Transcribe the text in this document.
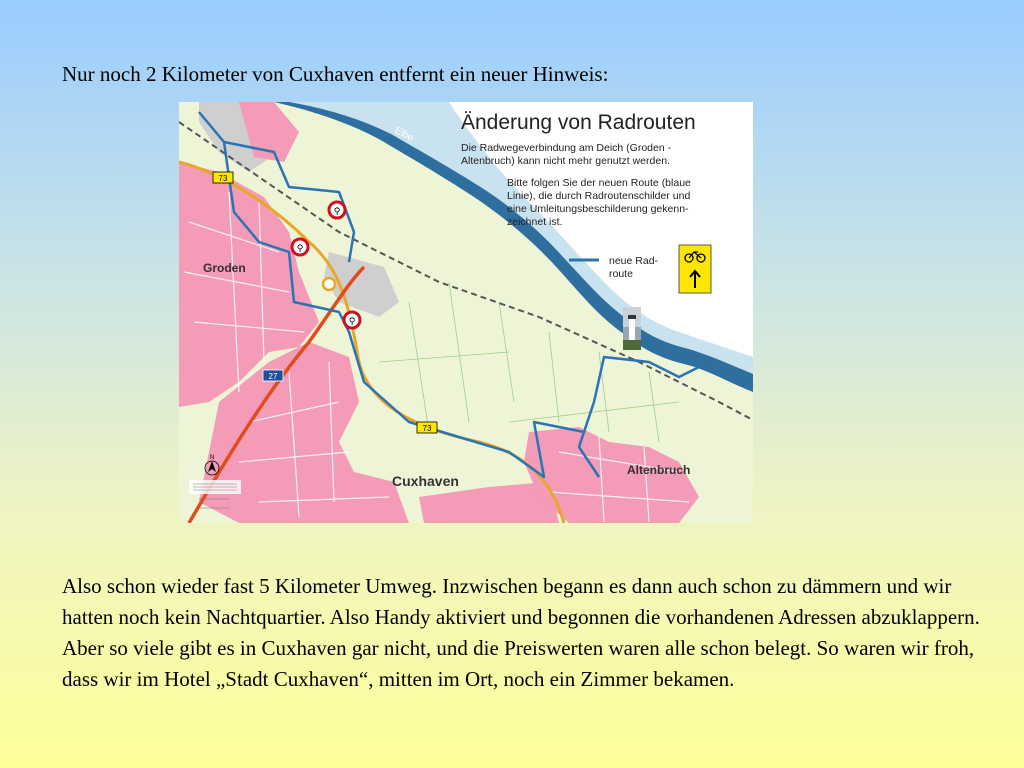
Nur noch 2 Kilometer von Cuxhaven entfernt ein neuer Hinweis:

⚲
⚲
⚲
73
73
27
Elbe
Groden
Cuxhaven
Altenbruch
Änderung von Radrouten
Die Radwegeverbindung am Deich (Groden -
Altenbruch) kann nicht mehr genutzt werden.
Bitte folgen Sie der neuen Route (blaue
Linie), die durch Radroutenschilder und
eine Umleitungsbeschilderung gekenn-
zeichnet ist.
neue Rad-
route
N

Also schon wieder fast 5 Kilometer Umweg. Inzwischen begann es dann auch schon zu dämmern und wir hatten noch kein Nachtquartier. Also Handy aktiviert und begonnen die vorhandenen Adressen abzuklappern. Aber so viele gibt es in Cuxhaven gar nicht, und die Preiswerten waren alle schon belegt. So waren wir froh, dass wir im Hotel „Stadt Cuxhaven“, mitten im Ort, noch ein Zimmer bekamen.
